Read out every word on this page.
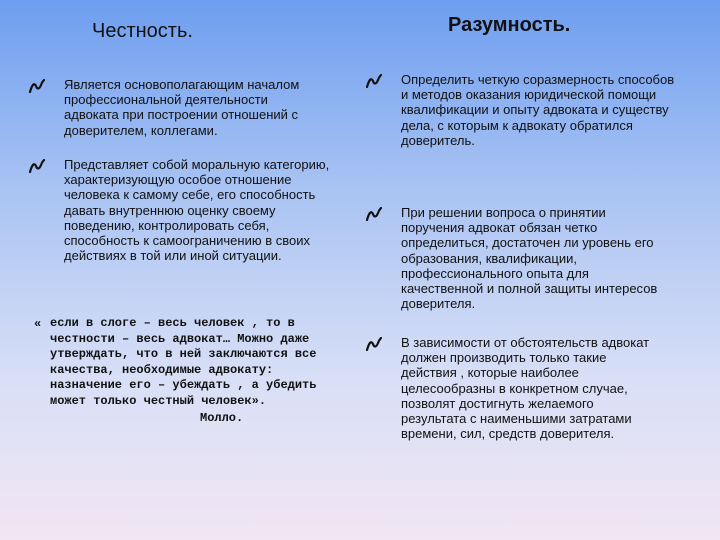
Честность.	Разумность.
Является основополагающим началом профессиональной деятельности адвоката при построении отношений с доверителем, коллегами.
Представляет собой моральную категорию, характеризующую особое отношение человека к самому себе, его способность давать внутреннюю оценку своему поведению, контролировать себя, способность к самоограничению в своих действиях в той или иной ситуации.
« если в слоге – весь человек , то в честности – весь адвокат… Можно даже утверждать, что в ней заключаются все качества, необходимые адвокату: назначение его – убеждать , а убедить может только честный человек».
Молло.
Определить четкую соразмерность способов и методов оказания юридической помощи квалификации и опыту адвоката и существу дела, с которым к адвокату обратился доверитель.
При решении вопроса о принятии поручения адвокат обязан четко определиться, достаточен ли уровень его образования, квалификации, профессионального опыта для качественной и полной защиты интересов доверителя.
В зависимости от обстоятельств адвокат должен производить только такие действия , которые наиболее целесообразны в конкретном случае, позволят достигнуть желаемого результата с наименьшими затратами времени, сил, средств доверителя.
